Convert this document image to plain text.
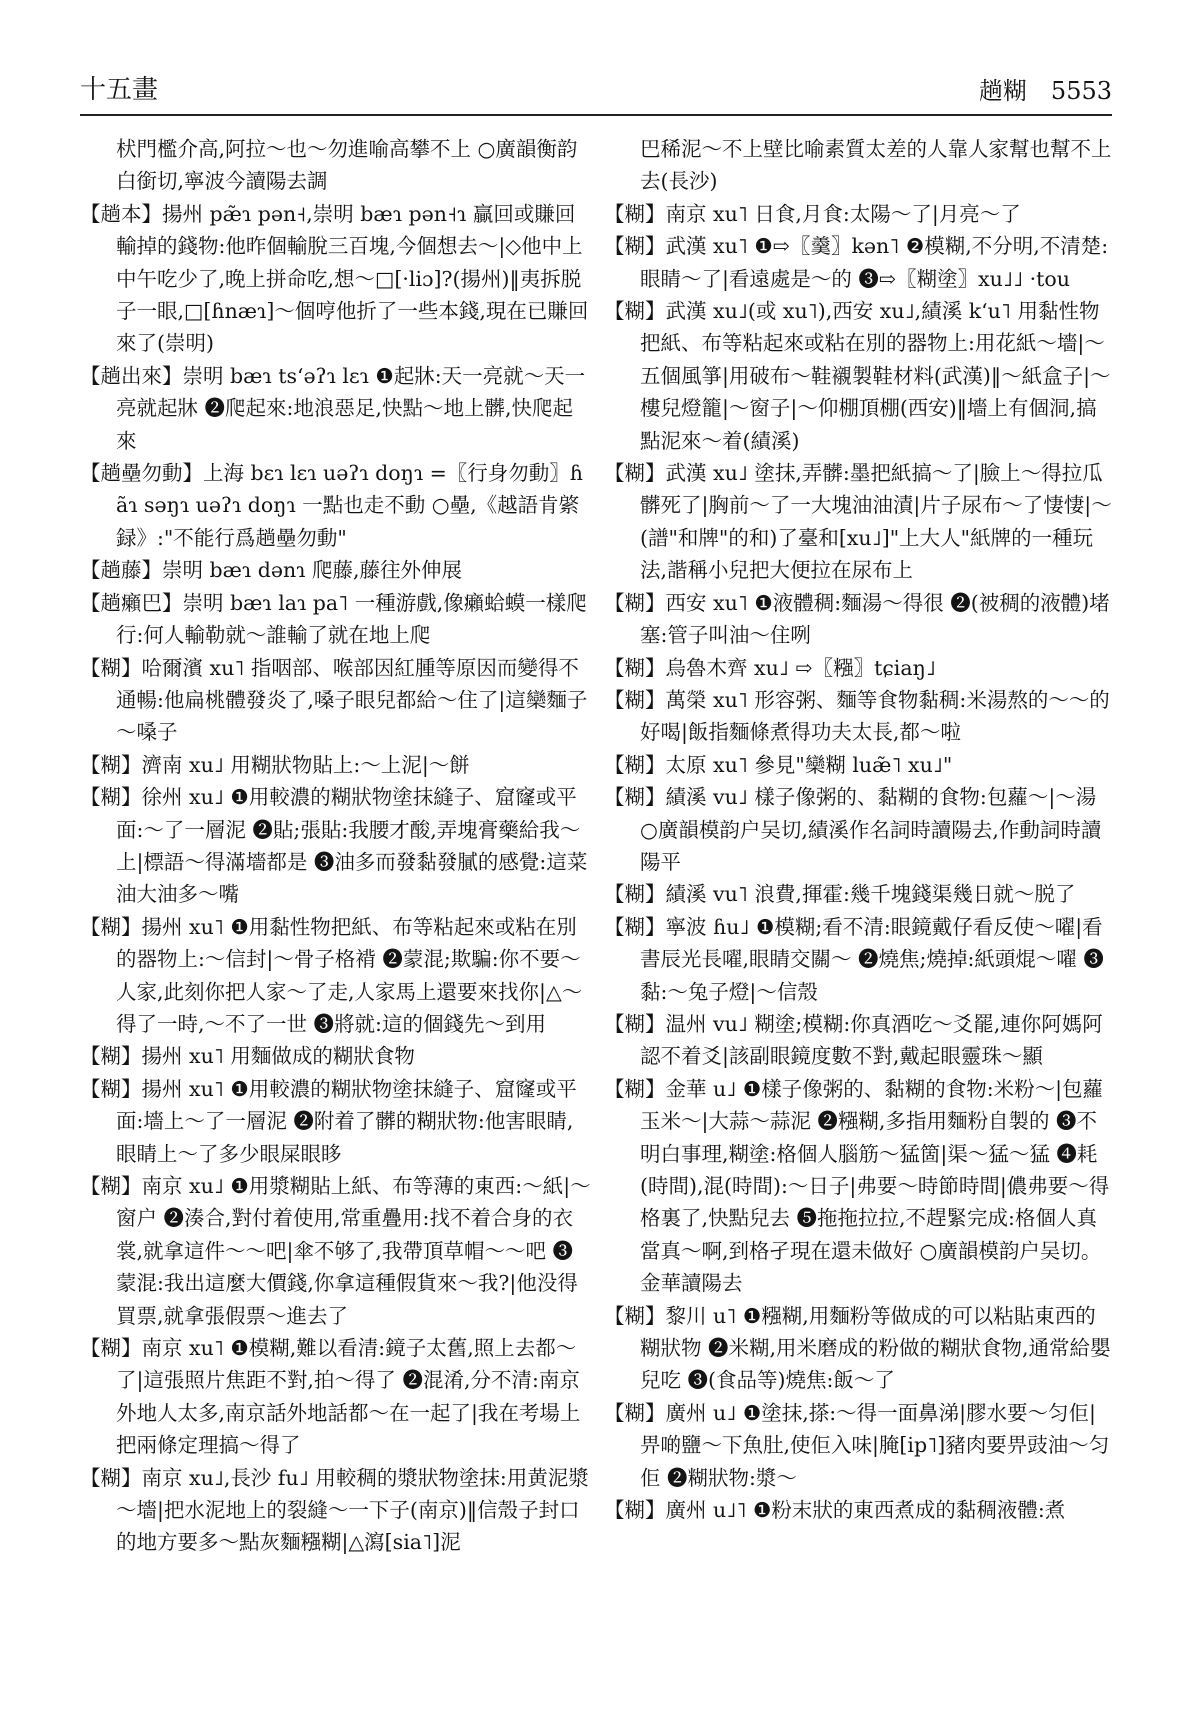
十五畫	趟糊　5553

枤門檻介高,阿拉～也～勿進喻高攀不上 ○廣韻衡韵白銜切,寧波今讀陽去調

【趟本】揚州 pæ̃ɿ pən˧,崇明 bæɿ pən˧ɿ 贏回或賺回輸掉的錢物:他昨個輸脫三百塊,今個想去～|◇他中上中午吃少了,晚上拼命吃,想～□[·liɔ]?(揚州)‖夷拆脱子一眼,□[ɦnæɿ]～個哼他折了一些本錢,現在已賺回來了(崇明)

【趟出來】崇明 bæɿ tsʻəʔɿ lɛɿ ❶起牀:天一亮就～天一亮就起牀 ❷爬起來:地浪惡足,快點～地上髒,快爬起來

【趟壘勿動】上海 bɛɿ lɛɿ uəʔɿ doŋɿ =〖行身勿動〗ɦãɿ səŋɿ uəʔɿ doŋɿ 一點也走不動 ○壘,《越語肯綮録》:"不能行爲趟壘勿動"

【趟藤】崇明 bæɿ dənɿ 爬藤,藤往外伸展

【趟癩巴】崇明 bæɿ laɿ pa˥ 一種游戲,像癩蛤蟆一樣爬行:何人輸勒就～誰輸了就在地上爬

【糊】哈爾濱 xu˥ 指咽部、喉部因紅腫等原因而變得不通暢:他扁桃體發炎了,嗓子眼兒都給～住了|這欒麵子～嗓子

【糊】濟南 xu˩ 用糊狀物貼上:～上泥|～餅

【糊】徐州 xu˩ ❶用較濃的糊狀物塗抹縫子、窟窿或平面:～了一層泥 ❷貼;張貼:我腰才酸,弄塊膏藥給我～上|標語～得滿墻都是 ❸油多而發黏發膩的感覺:這菜油大油多～嘴

【糊】揚州 xu˥ ❶用黏性物把紙、布等粘起來或粘在別的器物上:～信封|～骨子格褙 ❷蒙混;欺騙:你不要～人家,此刻你把人家～了走,人家馬上還要來找你|△～得了一時,～不了一世 ❸將就:這的個錢先～到用

【糊】揚州 xu˥ 用麵做成的糊狀食物

【糊】揚州 xu˥ ❶用較濃的糊狀物塗抹縫子、窟窿或平面:墻上～了一層泥 ❷附着了髒的糊狀物:他害眼睛,眼睛上～了多少眼屎眼眵

【糊】南京 xu˩ ❶用漿糊貼上紙、布等薄的東西:～紙|～窗户 ❷湊合,對付着使用,常重疊用:找不着合身的衣裳,就拿這件～～吧|傘不够了,我帶頂草帽～～吧 ❸蒙混:我出這麼大價錢,你拿這種假貨來～我?|他没得買票,就拿張假票～進去了

【糊】南京 xu˥ ❶模糊,難以看清:鏡子太舊,照上去都～了|這張照片焦距不對,拍～得了 ❷混淆,分不清:南京外地人太多,南京話外地話都～在一起了|我在考場上把兩條定理搞～得了

【糊】南京 xu˩,長沙 fu˩ 用較稠的漿狀物塗抹:用黄泥漿～墻|把水泥地上的裂縫～一下子(南京)‖信殼子封口的地方要多～點灰麵糨糊|△瀉[sia˥]泥

巴稀泥～不上壁比喻素質太差的人靠人家幫也幫不上去(長沙)

【糊】南京 xu˥ 日食,月食:太陽～了|月亮～了

【糊】武漢 xu˥ ❶⇨〖羹〗kən˥ ❷模糊,不分明,不清楚:眼睛～了|看遠處是～的 ❸⇨〖糊塗〗xu˩˩ ·tou

【糊】武漢 xu˩(或 xu˥),西安 xu˩,績溪 kʻu˥ 用黏性物把紙、布等粘起來或粘在別的器物上:用花紙～墻|～五個風箏|用破布～鞋襯製鞋材料(武漢)‖～紙盒子|～樓兒燈籠|～窗子|～仰棚頂棚(西安)‖墻上有個洞,搞點泥來～着(績溪)

【糊】武漢 xu˩ 塗抹,弄髒:墨把紙搞～了|臉上～得拉瓜髒死了|胸前～了一大塊油油漬|片子尿布～了悽悽|～(譜"和牌"的和)了臺和[xu˩]"上大人"紙牌的一種玩法,諧稱小兒把大便拉在尿布上

【糊】西安 xu˥ ❶液體稠:麵湯～得很 ❷(被稠的液體)堵塞:管子叫油～住咧

【糊】烏魯木齊 xu˩ ⇨〖糨〗tɕiaŋ˩

【糊】萬榮 xu˥ 形容粥、麵等食物黏稠:米湯熬的～～的好喝|飯指麵條煮得功夫太長,都～啦

【糊】太原 xu˥ 參見"欒糊 luæ̃˥ xu˩"

【糊】績溪 vu˩ 樣子像粥的、黏糊的食物:包蘿～|～湯 ○廣韻模韵户吴切,績溪作名詞時讀陽去,作動詞時讀陽平

【糊】績溪 vu˥ 浪費,揮霍:幾千塊錢渠幾日就～脱了

【糊】寧波 ɦu˩ ❶模糊;看不清:眼鏡戴仔看反使～嚁|看書辰光長嚁,眼睛交關～ ❷燒焦;燒掉:紙頭焜～嚁 ❸黏:～兔子燈|～信殼

【糊】温州 vu˩ 糊塗;模糊:你真酒吃～爻罷,連你阿媽阿認不着爻|該副眼鏡度數不對,戴起眼靈珠～顯

【糊】金華 u˩ ❶樣子像粥的、黏糊的食物:米粉～|包蘿玉米～|大蒜～蒜泥 ❷糨糊,多指用麵粉自製的 ❸不明白事理,糊塗:格個人腦筋～猛箇|渠～猛～猛 ❹耗(時間),混(時間):～日子|弗要～時節時間|儂弗要～得格裏了,快點兒去 ❺拖拖拉拉,不趕緊完成:格個人真當真～啊,到格孑現在還未做好 ○廣韻模韵户吴切。金華讀陽去

【糊】黎川 u˥ ❶糨糊,用麵粉等做成的可以粘貼東西的糊狀物 ❷米糊,用米磨成的粉做的糊狀食物,通常給嬰兒吃 ❸(食品等)燒焦:飯～了

【糊】廣州 u˩ ❶塗抹,搽:～得一面鼻涕|膠水要～匀佢|畀啲鹽～下魚肚,使佢入味|腌[ip˥]豬肉要畀豉油～匀佢 ❷糊狀物:漿～

【糊】廣州 u˩˥ ❶粉末狀的東西煮成的黏稠液體:煮
